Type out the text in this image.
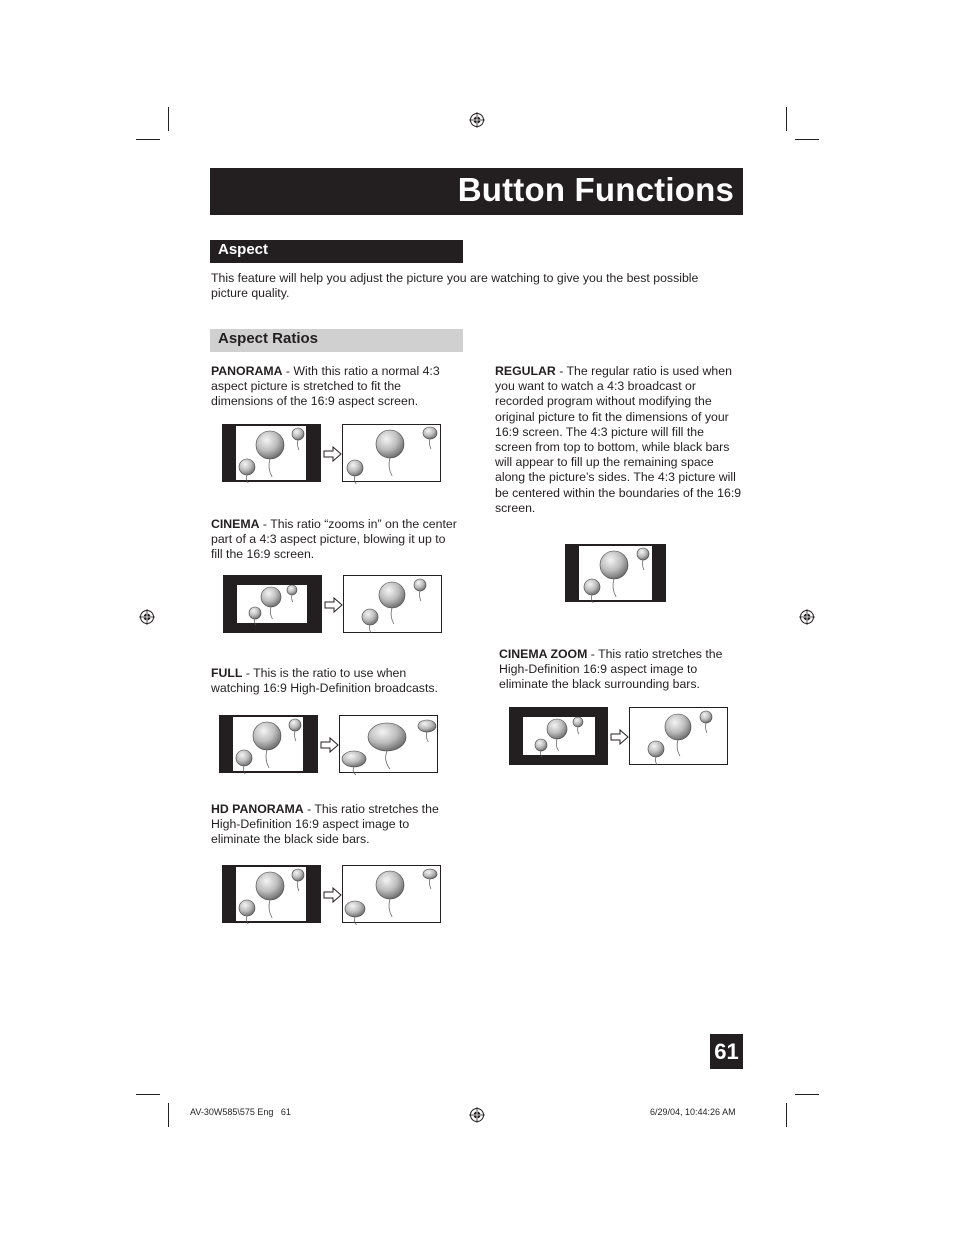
Button Functions
Aspect
This feature will help you adjust the picture you are watching to give you the best possible picture quality.
Aspect Ratios
PANORAMA - With this ratio a normal 4:3 aspect picture is stretched to fit the dimensions of the 16:9 aspect screen.
CINEMA - This ratio “zooms in” on the center part of a 4:3 aspect picture, blowing it up to fill the 16:9 screen.
FULL - This is the ratio to use when watching 16:9 High-Definition broadcasts.
HD PANORAMA - This ratio stretches the High-Definition 16:9 aspect image to eliminate the black side bars.
REGULAR - The regular ratio is used when you want to watch a 4:3 broadcast or recorded program without modifying the original picture to fit the dimensions of your 16:9 screen. The 4:3 picture will fill the screen from top to bottom, while black bars will appear to fill up the remaining space along the picture’s sides. The 4:3 picture will be centered within the boundaries of the 16:9 screen.
CINEMA ZOOM - This ratio stretches the High-Definition 16:9 aspect image to eliminate the black surrounding bars.
61
AV-30W585\575 Eng   61	6/29/04, 10:44:26 AM
